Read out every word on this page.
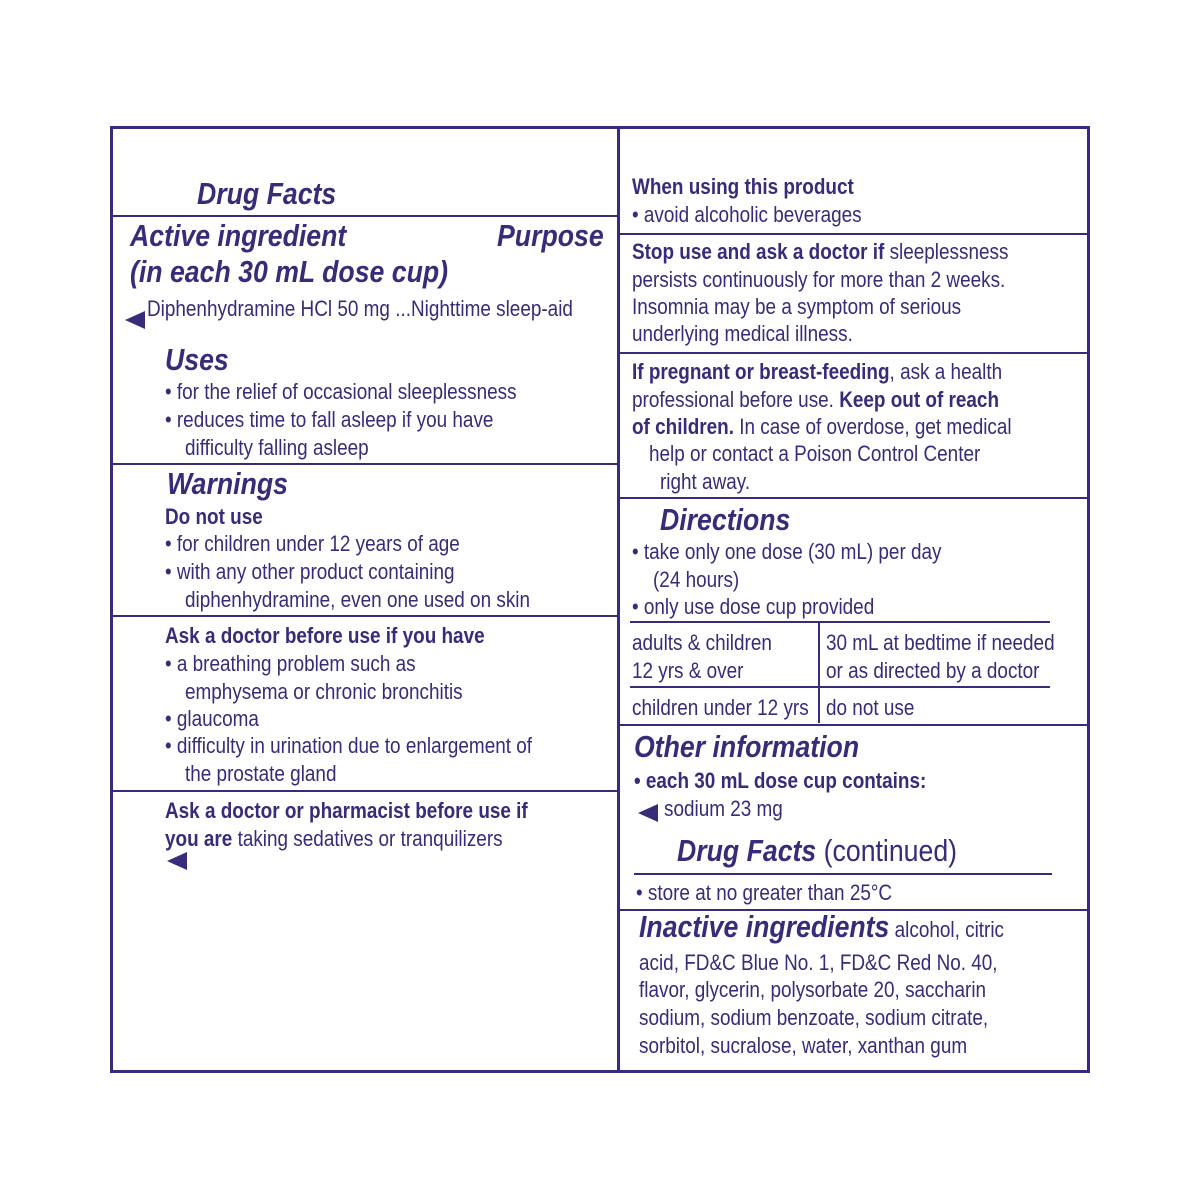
Drug Facts
Active ingredient	Purpose
(in each 30 mL dose cup)
Diphenhydramine HCl 50 mg ...Nighttime sleep-aid
Uses
• for the relief of occasional sleeplessness
• reduces time to fall asleep if you have
difficulty falling asleep
Warnings
Do not use
• for children under 12 years of age
• with any other product containing
diphenhydramine, even one used on skin
Ask a doctor before use if you have
• a breathing problem such as
emphysema or chronic bronchitis
• glaucoma
• difficulty in urination due to enlargement of
the prostate gland
Ask a doctor or pharmacist before use if
you are taking sedatives or tranquilizers
When using this product
• avoid alcoholic beverages
Stop use and ask a doctor if sleeplessness
persists continuously for more than 2 weeks.
Insomnia may be a symptom of serious
underlying medical illness.
If pregnant or breast-feeding, ask a health
professional before use. Keep out of reach
of children. In case of overdose, get medical
help or contact a Poison Control Center
right away.
Directions
• take only one dose (30 mL) per day
(24 hours)
• only use dose cup provided
adults & children
12 yrs & over
30 mL at bedtime if needed
or as directed by a doctor
children under 12 yrs do not use
Other information
• each 30 mL dose cup contains:
sodium 23 mg
Drug Facts (continued)
• store at no greater than 25°C
Inactive ingredients alcohol, citric
acid, FD&C Blue No. 1, FD&C Red No. 40,
flavor, glycerin, polysorbate 20, saccharin
sodium, sodium benzoate, sodium citrate,
sorbitol, sucralose, water, xanthan gum
